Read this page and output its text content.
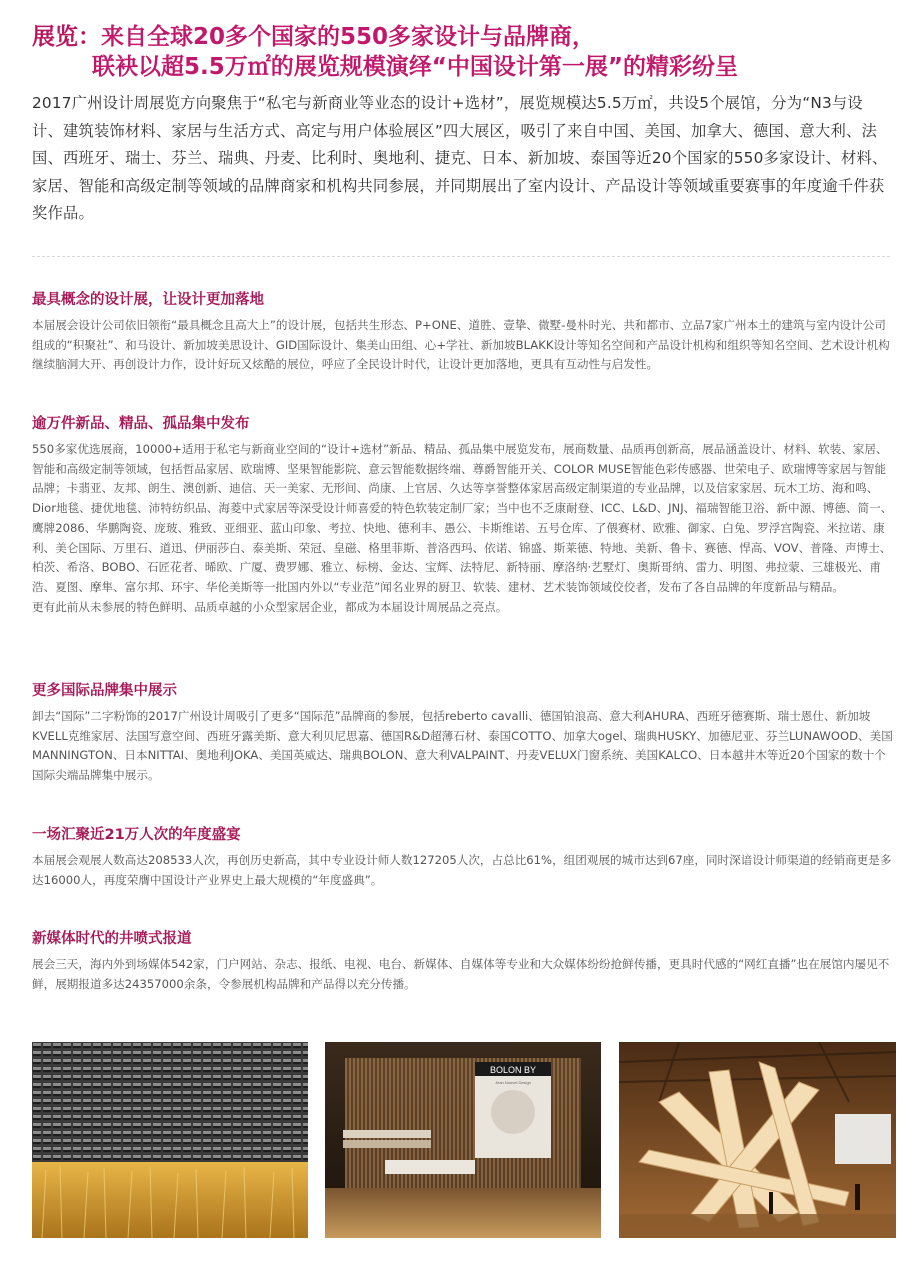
展览：来自全球20多个国家的550多家设计与品牌商，
联袂以超5.5万㎡的展览规模演绎“中国设计第一展”的精彩纷呈
2017广州设计周展览方向聚焦于“私宅与新商业等业态的设计+选材”，展览规模达5.5万㎡，共设5个展馆，分为“N3与设计、建筑装饰材料、家居与生活方式、高定与用户体验展区”四大展区，吸引了来自中国、美国、加拿大、德国、意大利、法国、西班牙、瑞士、芬兰、瑞典、丹麦、比利时、奥地利、捷克、日本、新加坡、泰国等近20个国家的550多家设计、材料、家居、智能和高级定制等领域的品牌商家和机构共同参展，并同期展出了室内设计、产品设计等领域重要赛事的年度逾千件获奖作品。
最具概念的设计展，让设计更加落地

本届展会设计公司依旧领衔“最具概念且高大上”的设计展，包括共生形态、P+ONE、道胜、壹挚、微墅-曼朴时光、共和都市、立品7家广州本土的建筑与室内设计公司组成的“积聚社”、和马设计、新加坡美思设计、GID国际设计、集美山田组、心+学社、新加坡BLAKK设计等知名空间和产品设计机构和组织等知名空间、艺术设计机构继续脑洞大开、再创设计力作，设计好玩又炫酷的展位，呼应了全民设计时代，让设计更加落地，更具有互动性与启发性。

逾万件新品、精品、孤品集中发布

550多家优选展商，10000+适用于私宅与新商业空间的“设计+选材”新品、精品、孤品集中展览发布，展商数量、品质再创新高，展品涵盖设计、材料、软装、家居、智能和高级定制等领域，包括哲品家居、欧瑞博、坚果智能影院、意云智能数据终端、尊爵智能开关、COLOR MUSE智能色彩传感器、世荣电子、欧瑞博等家居与智能品牌；卡翡亚、友邦、朗生、澳创新、迪信、天一美家、无形间、尚康、上官居、久达等享誉整体家居高级定制渠道的专业品牌，以及信家家居、玩木工坊、海和鸣、Dior地毯、捷优地毯、沛特纺织品、海菱中式家居等深受设计师喜爱的特色软装定制厂家；当中也不乏康耐登、ICC、L&D、JNJ、福瑞智能卫浴、新中源、博德、简一、鹰牌2086、华鹏陶瓷、庞玻、雅致、亚细亚、蓝山印象、考拉、快地、德利丰、愚公、卡斯维诺、五号仓库、了偎赛材、欧雅、御家、白兔、罗浮宫陶瓷、米拉诺、康利、美仑国际、万里石、道迅、伊丽莎白、泰美斯、荣冠、皇磁、格里菲斯、普洛西玛、依诺、锦盛、斯莱德、特地、美新、鲁卡、赛德、悍高、VOV、普隆、声博士、柏茨、希洛、BOBO、石匠花者、晞欧、广厦、费罗娜、雅立、标榜、金达、宝辉、法特尼、新特丽、摩洛纳·艺墅灯、奥斯哥纳、雷力、明图、弗拉蒙、三雄极光、甫浩、夏图、摩隼、富尔邦、环宇、华伦美斯等一批国内外以“专业范”闻名业界的厨卫、软装、建材、艺术装饰领域佼佼者，发布了各自品牌的年度新品与精品。

更有此前从未参展的特色鲜明、品质卓越的小众型家居企业，都成为本届设计周展品之亮点。

更多国际品牌集中展示

卸去“国际”二字粉饰的2017广州设计周吸引了更多“国际范”品牌商的参展，包括reberto cavalli、德国铂浪高、意大利AHURA、西班牙德赛斯、瑞士恩仕、新加坡KVELL克维家居、法国写意空间、西班牙露美斯、意大利贝尼思嘉、德国R&D超薄石材、泰国COTTO、加拿大ogel、瑞典HUSKY、加德尼亚、芬兰LUNAWOOD、美国MANNINGTON、日本NITTAI、奥地利JOKA、美国英威达、瑞典BOLON、意大利VALPAINT、丹麦VELUX门窗系统、美国KALCO、日本越井木等近20个国家的数十个国际尖端品牌集中展示。

一场汇聚近21万人次的年度盛宴

本届展会观展人数高达208533人次，再创历史新高，其中专业设计师人数127205人次，占总比61%，组团观展的城市达到67座，同时深谙设计师渠道的经销商更是多达16000人，再度荣膺中国设计产业界史上最大规模的“年度盛典”。

新媒体时代的井喷式报道

展会三天，海内外到场媒体542家，门户网站、杂志、报纸、电视、电台、新媒体、自媒体等专业和大众媒体纷纷抢鲜传播，更具时代感的“网红直播”也在展馆内屡见不鲜，展期报道多达24357000余条，令参展机构品牌和产品得以充分传播。

BOLON BY
Jean Nouvel Design
